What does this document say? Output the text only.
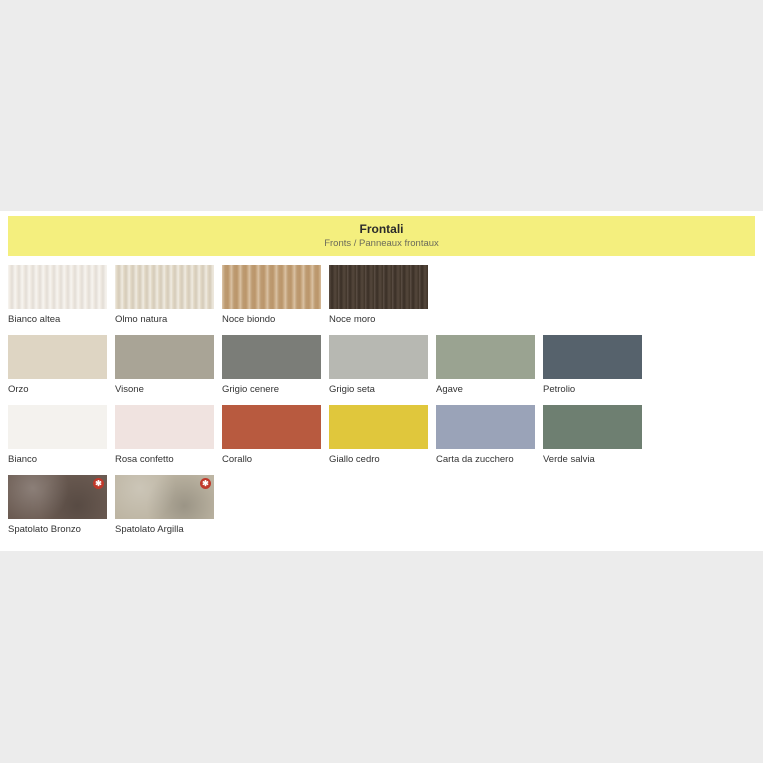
Frontali
Fronts / Panneaux frontaux
Bianco altea	Olmo natura	Noce biondo	Noce moro
Orzo	Visone	Grigio cenere	Grigio seta	Agave	Petrolio
Bianco	Rosa confetto	Corallo	Giallo cedro	Carta da zucchero	Verde salvia
✱
Spatolato Bronzo
✱
Spatolato Argilla
